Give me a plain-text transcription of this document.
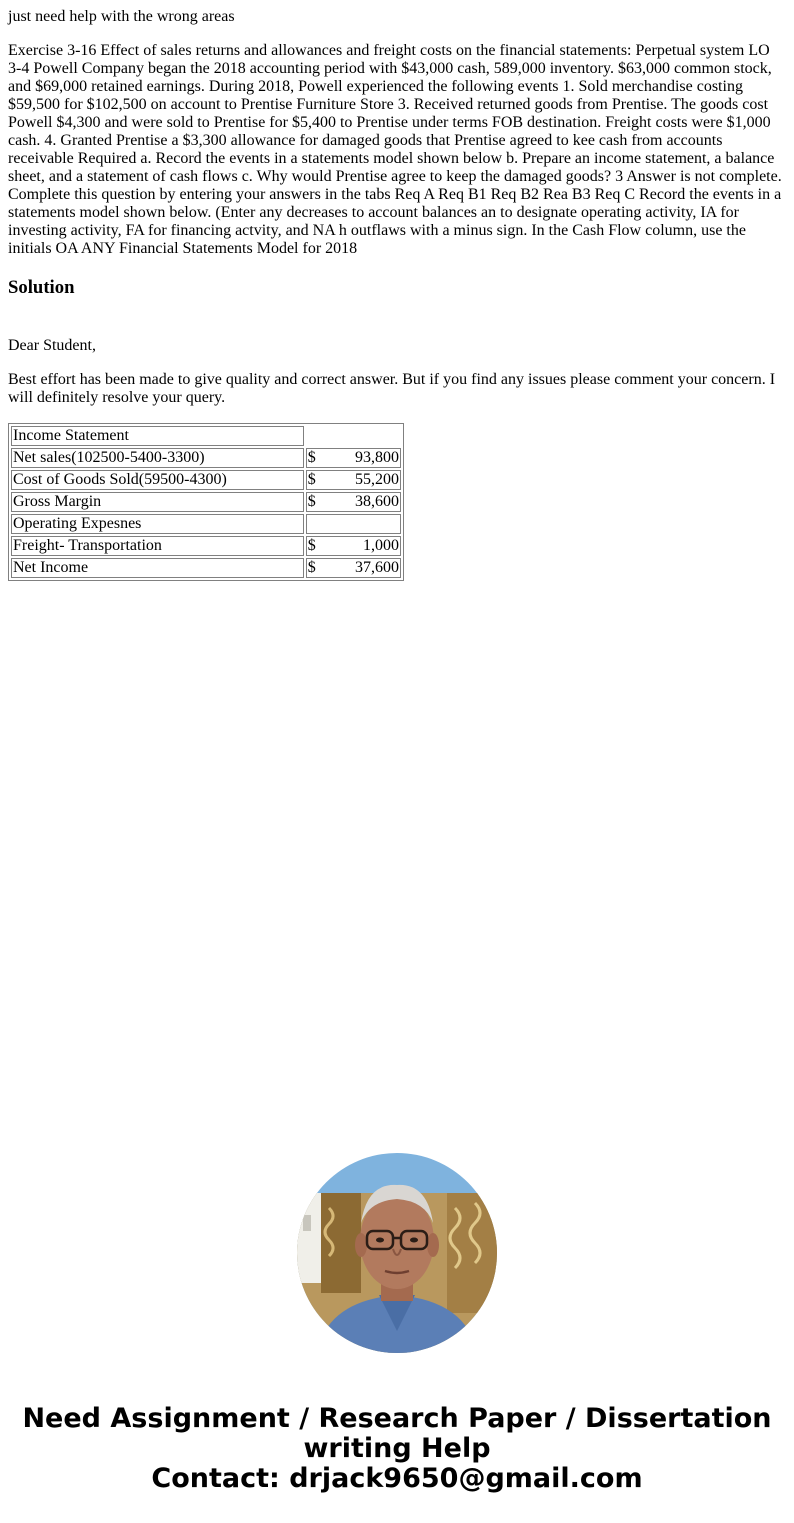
just need help with the wrong areas
Exercise 3-16 Effect of sales returns and allowances and freight costs on the financial statements: Perpetual system LO 3-4 Powell Company began the 2018 accounting period with $43,000 cash, 589,000 inventory. $63,000 common stock, and $69,000 retained earnings. During 2018, Powell experienced the following events 1. Sold merchandise costing $59,500 for $102,500 on account to Prentise Furniture Store 3. Received returned goods from Prentise. The goods cost Powell $4,300 and were sold to Prentise for $5,400 to Prentise under terms FOB destination. Freight costs were $1,000 cash. 4. Granted Prentise a $3,300 allowance for damaged goods that Prentise agreed to kee cash from accounts receivable Required a. Record the events in a statements model shown below b. Prepare an income statement, a balance sheet, and a statement of cash flows c. Why would Prentise agree to keep the damaged goods? 3 Answer is not complete. Complete this question by entering your answers in the tabs Req A Req B1 Req B2 Rea B3 Req C Record the events in a statements model shown below. (Enter any decreases to account balances an to designate operating activity, IA for investing activity, FA for financing actvity, and NA h outflaws with a minus sign. In the Cash Flow column, use the initials OA ANY Financial Statements Model for 2018
Solution
Dear Student,
Best effort has been made to give quality and correct answer. But if you find any issues please comment your concern. I will definitely resolve your query.
Income Statement	
Net sales(102500-5400-3300)	$ 93,800

Cost of Goods Sold(59500-4300)	$ 55,200

Gross Margin	$ 38,600

Operating Expesnes	

Freight- Transportation	$ 1,000

Net Income	$ 37,600
Need Assignment / Research Paper / Dissertation
writing Help
Contact: drjack9650@gmail.com
